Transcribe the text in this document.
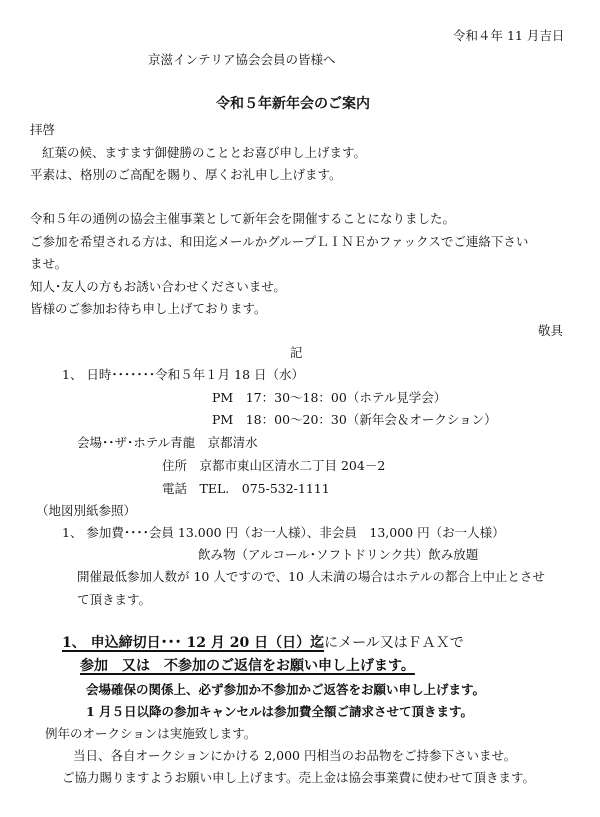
令和４年 11 月吉日
京滋インテリア協会会員の皆様へ
令和５年新年会のご案内
拝啓
紅葉の候、ますます御健勝のこととお喜び申し上げます。
平素は、格別のご高配を賜り、厚くお礼申し上げます。
令和５年の通例の協会主催事業として新年会を開催することになりました。
ご参加を希望される方は、和田迄メールかグループＬＩＮＥかファックスでご連絡下さい
ませ。
知人･友人の方もお誘い合わせくださいませ。
皆様のご参加お待ち申し上げております。
敬具
記
1、 日時･･･････令和５年１月 18 日（水）
PM　17：30～18：00（ホテル見学会）
PM　18：00～20：30（新年会＆オークション）
会場･･ザ･ホテル青龍　京都清水
住所　京都市東山区清水二丁目 204－2
電話　TEL.　075-532-1111
（地図別紙参照）
1、 参加費････会員 13.000 円（お一人様）、非会員　13,000 円（お一人様）
飲み物（アルコール･ソフトドリンク共）飲み放題
開催最低参加人数が 10 人ですので、10 人未満の場合はホテルの都合上中止とさせ
て頂きます。
1、 申込締切日･･･ 12 月 20 日（日）迄にメール又はＦＡＸで
参加　又は　不参加のご返信をお願い申し上げます。
会場確保の関係上、必ず参加か不参加かご返答をお願い申し上げます。
1 月５日以降の参加キャンセルは参加費全額ご請求させて頂きます。
例年のオークションは実施致します。
当日、各自オークションにかける 2,000 円相当のお品物をご持参下さいませ。
ご協力賜りますようお願い申し上げます。売上金は協会事業費に使わせて頂きます。
